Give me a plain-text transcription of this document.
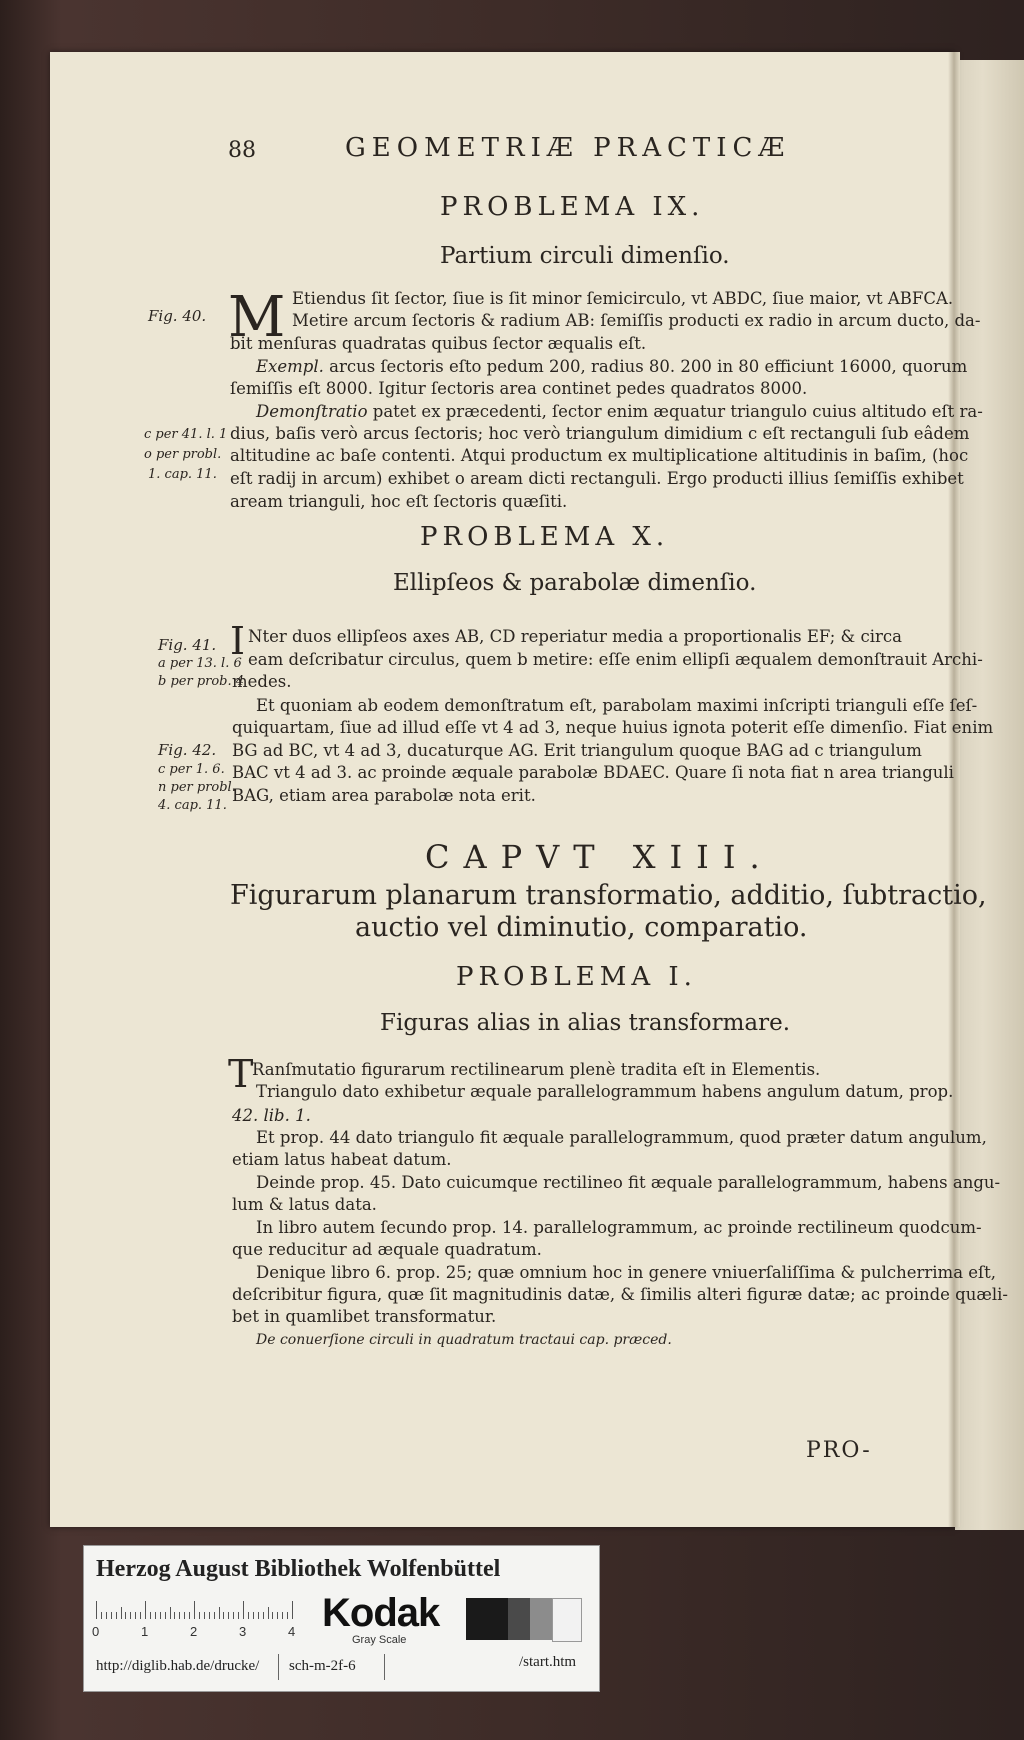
88	GEOMETRIÆ PRACTICÆ
PROBLEMA IX.
Partium circuli dimenſio.
Fig. 40. M Etiendus ſit ſector, ſiue is ſit minor ſemicirculo, vt ABDC, ſiue maior, vt ABFCA.
Metire arcum ſectoris & radium AB: ſemiſſis producti ex radio in arcum ducto, da-
bit menſuras quadratas quibus ſector æqualis eſt.
Exempl. arcus ſectoris eſto pedum 200, radius 80. 200 in 80 efficiunt 16000, quorum
ſemiſſis eſt 8000. Igitur ſectoris area continet pedes quadratos 8000.
Demonſtratio patet ex præcedenti, ſector enim æquatur triangulo cuius altitudo eſt ra-
dius, baſis verò arcus ſectoris; hoc verò triangulum dimidium c eſt rectanguli ſub eâdem
altitudine ac baſe contenti. Atqui productum ex multiplicatione altitudinis in baſim, (hoc
eſt radij in arcum) exhibet o aream dicti rectanguli. Ergo producti illius ſemiſſis exhibet
aream trianguli, hoc eſt ſectoris quæſiti.
c per 41. l. 1
o per probl.
1. cap. 11.
PROBLEMA X.
Ellipſeos & parabolæ dimenſio.
Fig. 41.
a per 13. l. 6
b per prob. 4
I Nter duos ellipſeos axes AB, CD reperiatur media a proportionalis EF; & circa
eam deſcribatur circulus, quem b metire: eſſe enim ellipſi æqualem demonſtrauit Archi-
medes.
Et quoniam ab eodem demonſtratum eſt, parabolam maximi inſcripti trianguli eſſe ſeſ-
quiquartam, ſiue ad illud eſſe vt 4 ad 3, neque huius ignota poterit eſſe dimenſio. Fiat enim
BG ad BC, vt 4 ad 3, ducaturque AG. Erit triangulum quoque BAG ad c triangulum
BAC vt 4 ad 3. ac proinde æquale parabolæ BDAEC. Quare ſi nota fiat n area trianguli
BAG, etiam area parabolæ nota erit.
Fig. 42.
c per 1. 6.
n per probl.
4. cap. 11.
CAPVT XIII.
Figurarum planarum transformatio, additio, ſubtractio,
auctio vel diminutio, comparatio.
PROBLEMA I.
Figuras alias in alias transformare.
T
Ranſmutatio figurarum rectilinearum plenè tradita eſt in Elementis.
Triangulo dato exhibetur æquale parallelogrammum habens angulum datum, prop.
42. lib. 1.
Et prop. 44 dato triangulo fit æquale parallelogrammum, quod præter datum angulum,
etiam latus habeat datum.
Deinde prop. 45. Dato cuicumque rectilineo fit æquale parallelogrammum, habens angu-
lum & latus data.
In libro autem ſecundo prop. 14. parallelogrammum, ac proinde rectilineum quodcum-
que reducitur ad æquale quadratum.
Denique libro 6. prop. 25; quæ omnium hoc in genere vniuerſaliſſima & pulcherrima eſt,
deſcribitur figura, quæ ſit magnitudinis datæ, & ſimilis alteri figuræ datæ; ac proinde quæli-
bet in quamlibet transformatur.
De conuerſione circuli in quadratum tractaui cap. præced.
PRO-
Herzog August Bibliothek Wolfenbüttel
0	1	2	3	4 Kodak
Gray Scale
http://diglib.hab.de/drucke/ sch-m-2f-6	/start.htm
